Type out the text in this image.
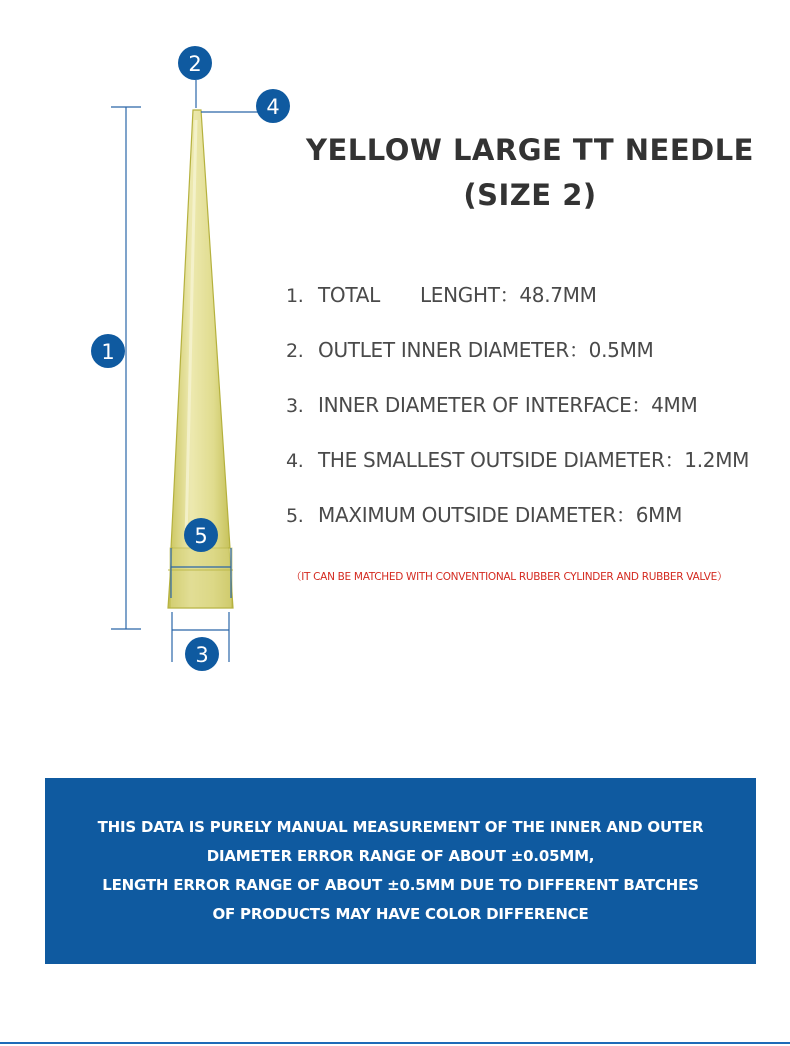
1
2
3
4
5
YELLOW LARGE TT NEEDLE
(SIZE 2)
1. TOTAL LENGHT：48.7MM
2. OUTLET INNER DIAMETER：0.5MM
3. INNER DIAMETER OF INTERFACE：4MM
4. THE SMALLEST OUTSIDE DIAMETER：1.2MM
5. MAXIMUM OUTSIDE DIAMETER：6MM
（IT CAN BE MATCHED WITH CONVENTIONAL RUBBER CYLINDER AND RUBBER VALVE）
THIS DATA IS PURELY MANUAL MEASUREMENT OF THE INNER AND OUTER
DIAMETER ERROR RANGE OF ABOUT ±0.05MM,
LENGTH ERROR RANGE OF ABOUT ±0.5MM DUE TO DIFFERENT BATCHES
OF PRODUCTS MAY HAVE COLOR DIFFERENCE
